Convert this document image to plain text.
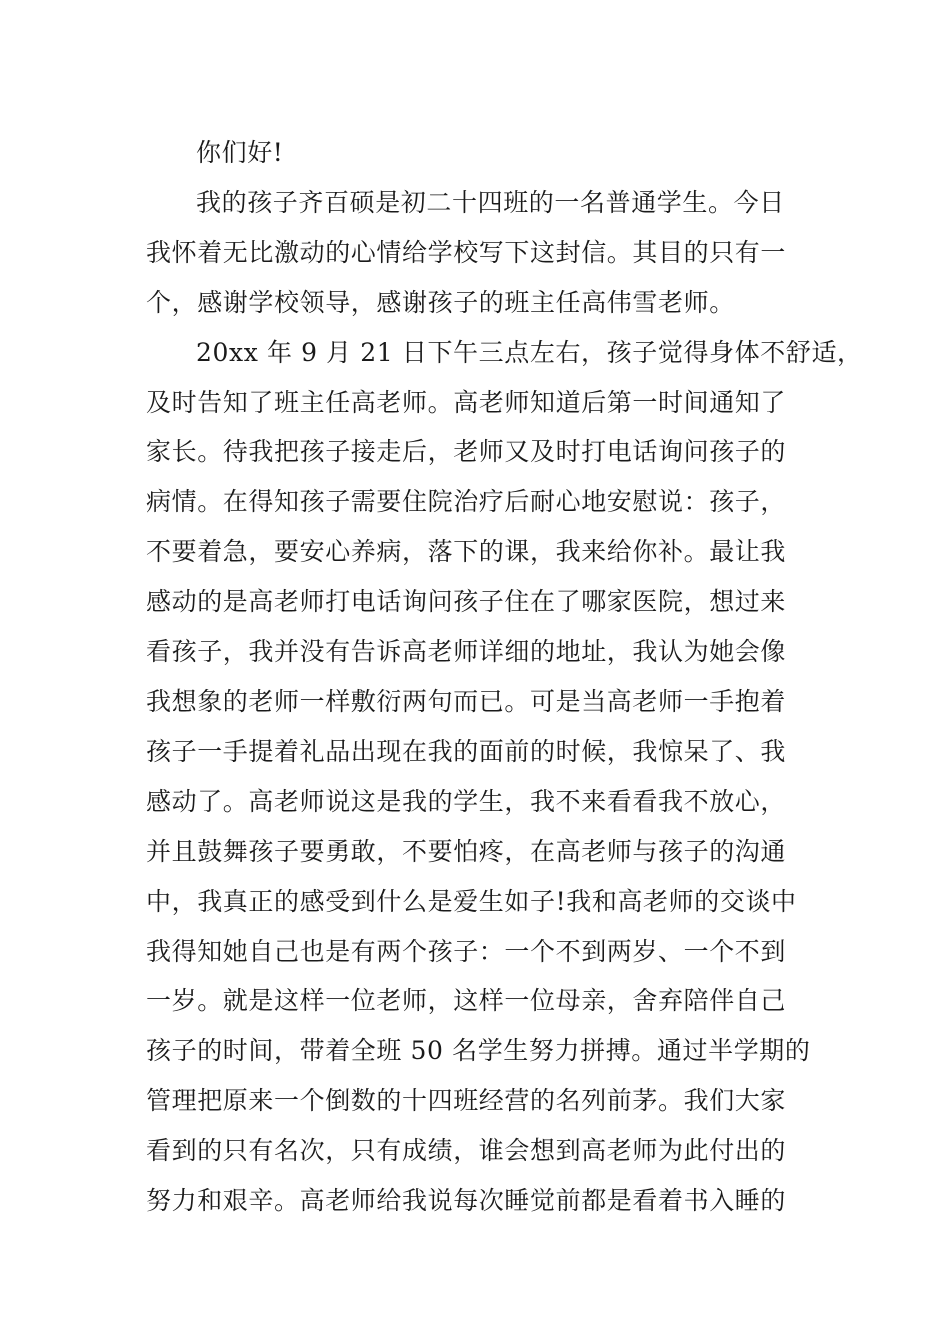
你们好!

我的孩子齐百硕是初二十四班的一名普通学生。今日
我怀着无比激动的心情给学校写下这封信。其目的只有一
个，感谢学校领导，感谢孩子的班主任高伟雪老师。

20xx 年 9 月 21 日下午三点左右，孩子觉得身体不舒适，
及时告知了班主任高老师。高老师知道后第一时间通知了
家长。待我把孩子接走后，老师又及时打电话询问孩子的
病情。在得知孩子需要住院治疗后耐心地安慰说：孩子，
不要着急，要安心养病，落下的课，我来给你补。最让我
感动的是高老师打电话询问孩子住在了哪家医院，想过来
看孩子，我并没有告诉高老师详细的地址，我认为她会像
我想象的老师一样敷衍两句而已。可是当高老师一手抱着
孩子一手提着礼品出现在我的面前的时候，我惊呆了、我
感动了。高老师说这是我的学生，我不来看看我不放心，
并且鼓舞孩子要勇敢，不要怕疼，在高老师与孩子的沟通
中，我真正的感受到什么是爱生如子!我和高老师的交谈中
我得知她自己也是有两个孩子：一个不到两岁、一个不到
一岁。就是这样一位老师，这样一位母亲，舍弃陪伴自己
孩子的时间，带着全班 50 名学生努力拼搏。通过半学期的
管理把原来一个倒数的十四班经营的名列前茅。我们大家
看到的只有名次，只有成绩，谁会想到高老师为此付出的
努力和艰辛。高老师给我说每次睡觉前都是看着书入睡的
